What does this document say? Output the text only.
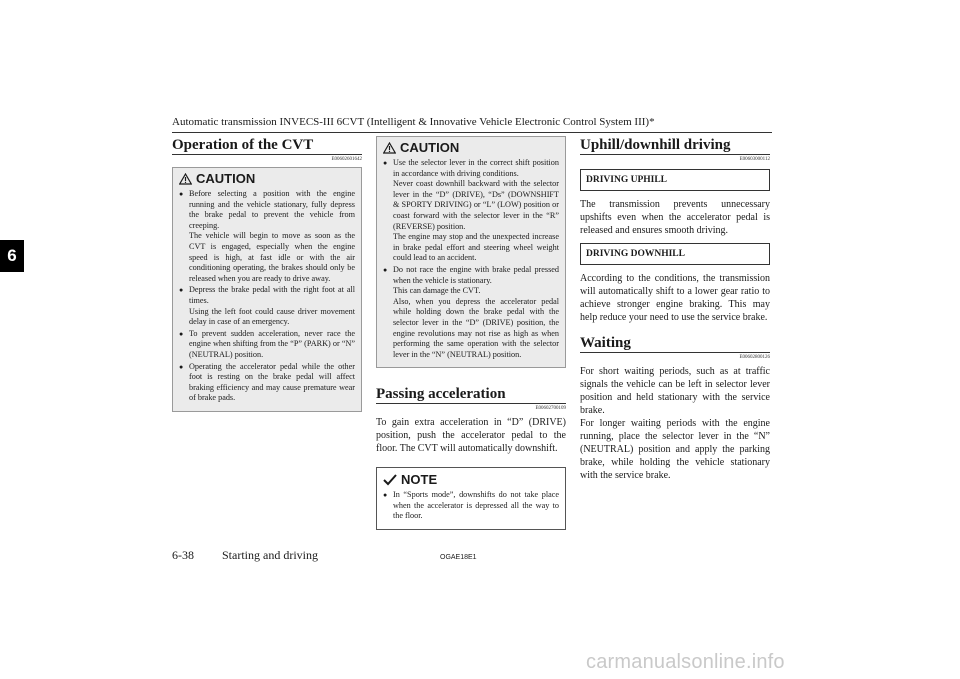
Automatic transmission INVECS-III 6CVT (Intelligent & Innovative Vehicle Electronic Control System III)*
6
Operation of the CVT
E00602601642
CAUTION
● Before selecting a position with the engine running and the vehicle stationary, fully depress the brake pedal to prevent the vehicle from creeping.

The vehicle will begin to move as soon as the CVT is engaged, especially when the engine speed is high, at fast idle or with the air conditioning operating, the brakes should only be released when you are ready to drive away.

● Depress the brake pedal with the right foot at all times.

Using the left foot could cause driver movement delay in case of an emergency.

● To prevent sudden acceleration, never race the engine when shifting from the “P” (PARK) or “N” (NEUTRAL) position.

● Operating the accelerator pedal while the other foot is resting on the brake pedal will affect braking efficiency and may cause premature wear of brake pads.

CAUTION
● Use the selector lever in the correct shift position in accordance with driving conditions.

Never coast downhill backward with the selector lever in the “D” (DRIVE), “Ds” (DOWNSHIFT & SPORTY DRIVING) or “L” (LOW) position or coast forward with the selector lever in the “R” (REVERSE) position.

The engine may stop and the unexpected increase in brake pedal effort and steering wheel weight could lead to an accident.

● Do not race the engine with brake pedal pressed when the vehicle is stationary.

This can damage the CVT.

Also, when you depress the accelerator pedal while holding down the brake pedal with the selector lever in the “D” (DRIVE) position, the engine revolutions may not rise as high as when performing the same operation with the selector lever in the “N” (NEUTRAL) position.

Passing acceleration
E00602700109

To gain extra acceleration in “D” (DRIVE) position, push the accelerator pedal to the floor. The CVT will automatically downshift.

NOTE
● In “Sports mode”, downshifts do not take place when the accelerator is depressed all the way to the floor.

Uphill/downhill driving
E00603000112
DRIVING UPHILL

The transmission prevents unnecessary upshifts even when the accelerator pedal is released and ensures smooth driving.

DRIVING DOWNHILL

According to the conditions, the transmission will automatically shift to a lower gear ratio to achieve stronger engine braking. This may help reduce your need to use the service brake.

Waiting
E00602800126

For short waiting periods, such as at traffic signals the vehicle can be left in selector lever position and held stationary with the service brake.

For longer waiting periods with the engine running, place the selector lever in the “N” (NEUTRAL) position and apply the parking brake, while holding the vehicle stationary with the service brake.

6-38 Starting and driving	OGAE18E1
carmanualsonline.info
